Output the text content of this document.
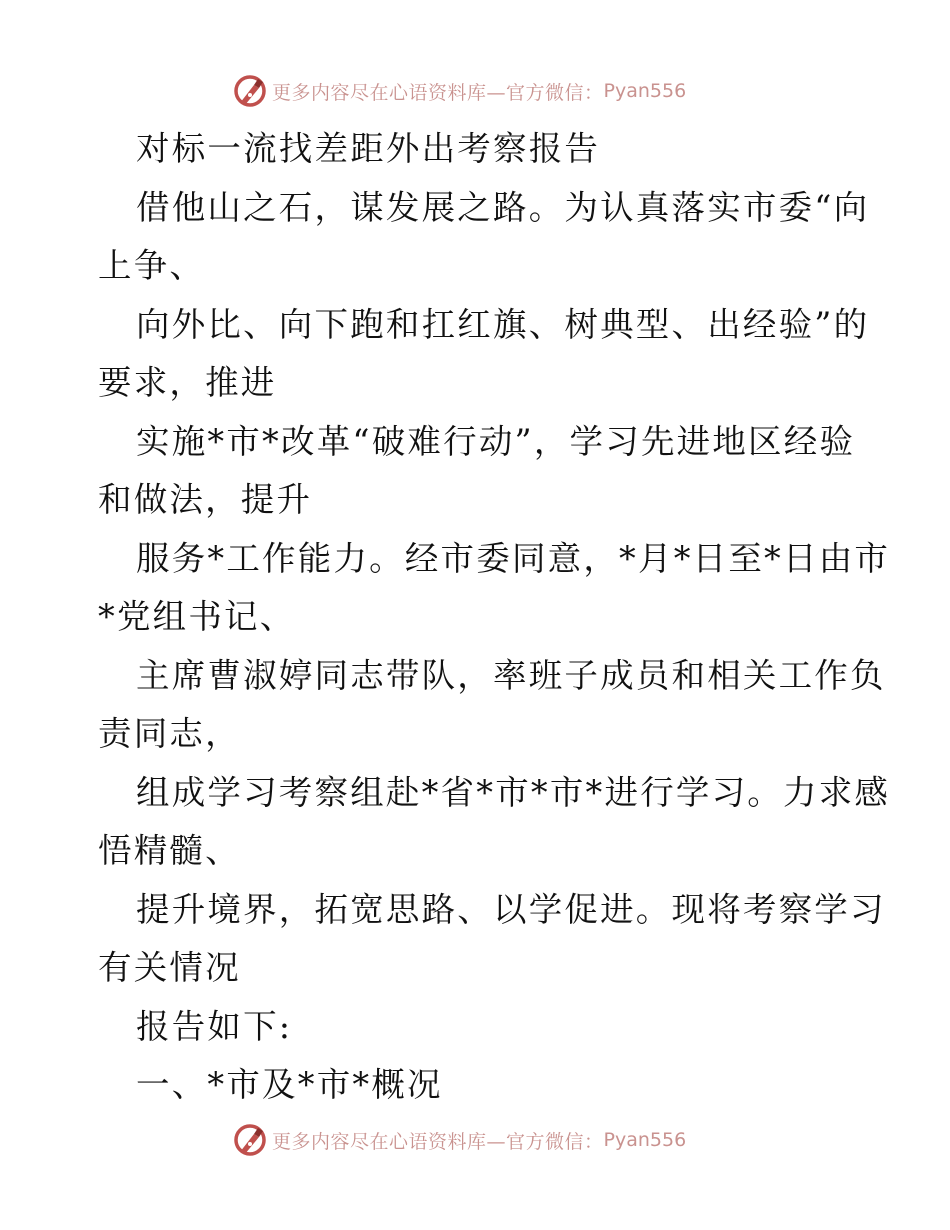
更多内容尽在心语资料库—官方微信： Pyan556
对标一流找差距外出考察报告
借他山之石，谋发展之路。为认真落实市委“向
上争、
向外比、向下跑和扛红旗、树典型、出经验”的
要求，推进
实施*市*改革“破难行动”，学习先进地区经验
和做法，提升
服务*工作能力。经市委同意，*月*日至*日由市
*党组书记、
主席曹淑婷同志带队，率班子成员和相关工作负
责同志，
组成学习考察组赴*省*市*市*进行学习。力求感
悟精髓、
提升境界，拓宽思路、以学促进。现将考察学习
有关情况
报告如下:
一、*市及*市*概况
更多内容尽在心语资料库—官方微信： Pyan556
